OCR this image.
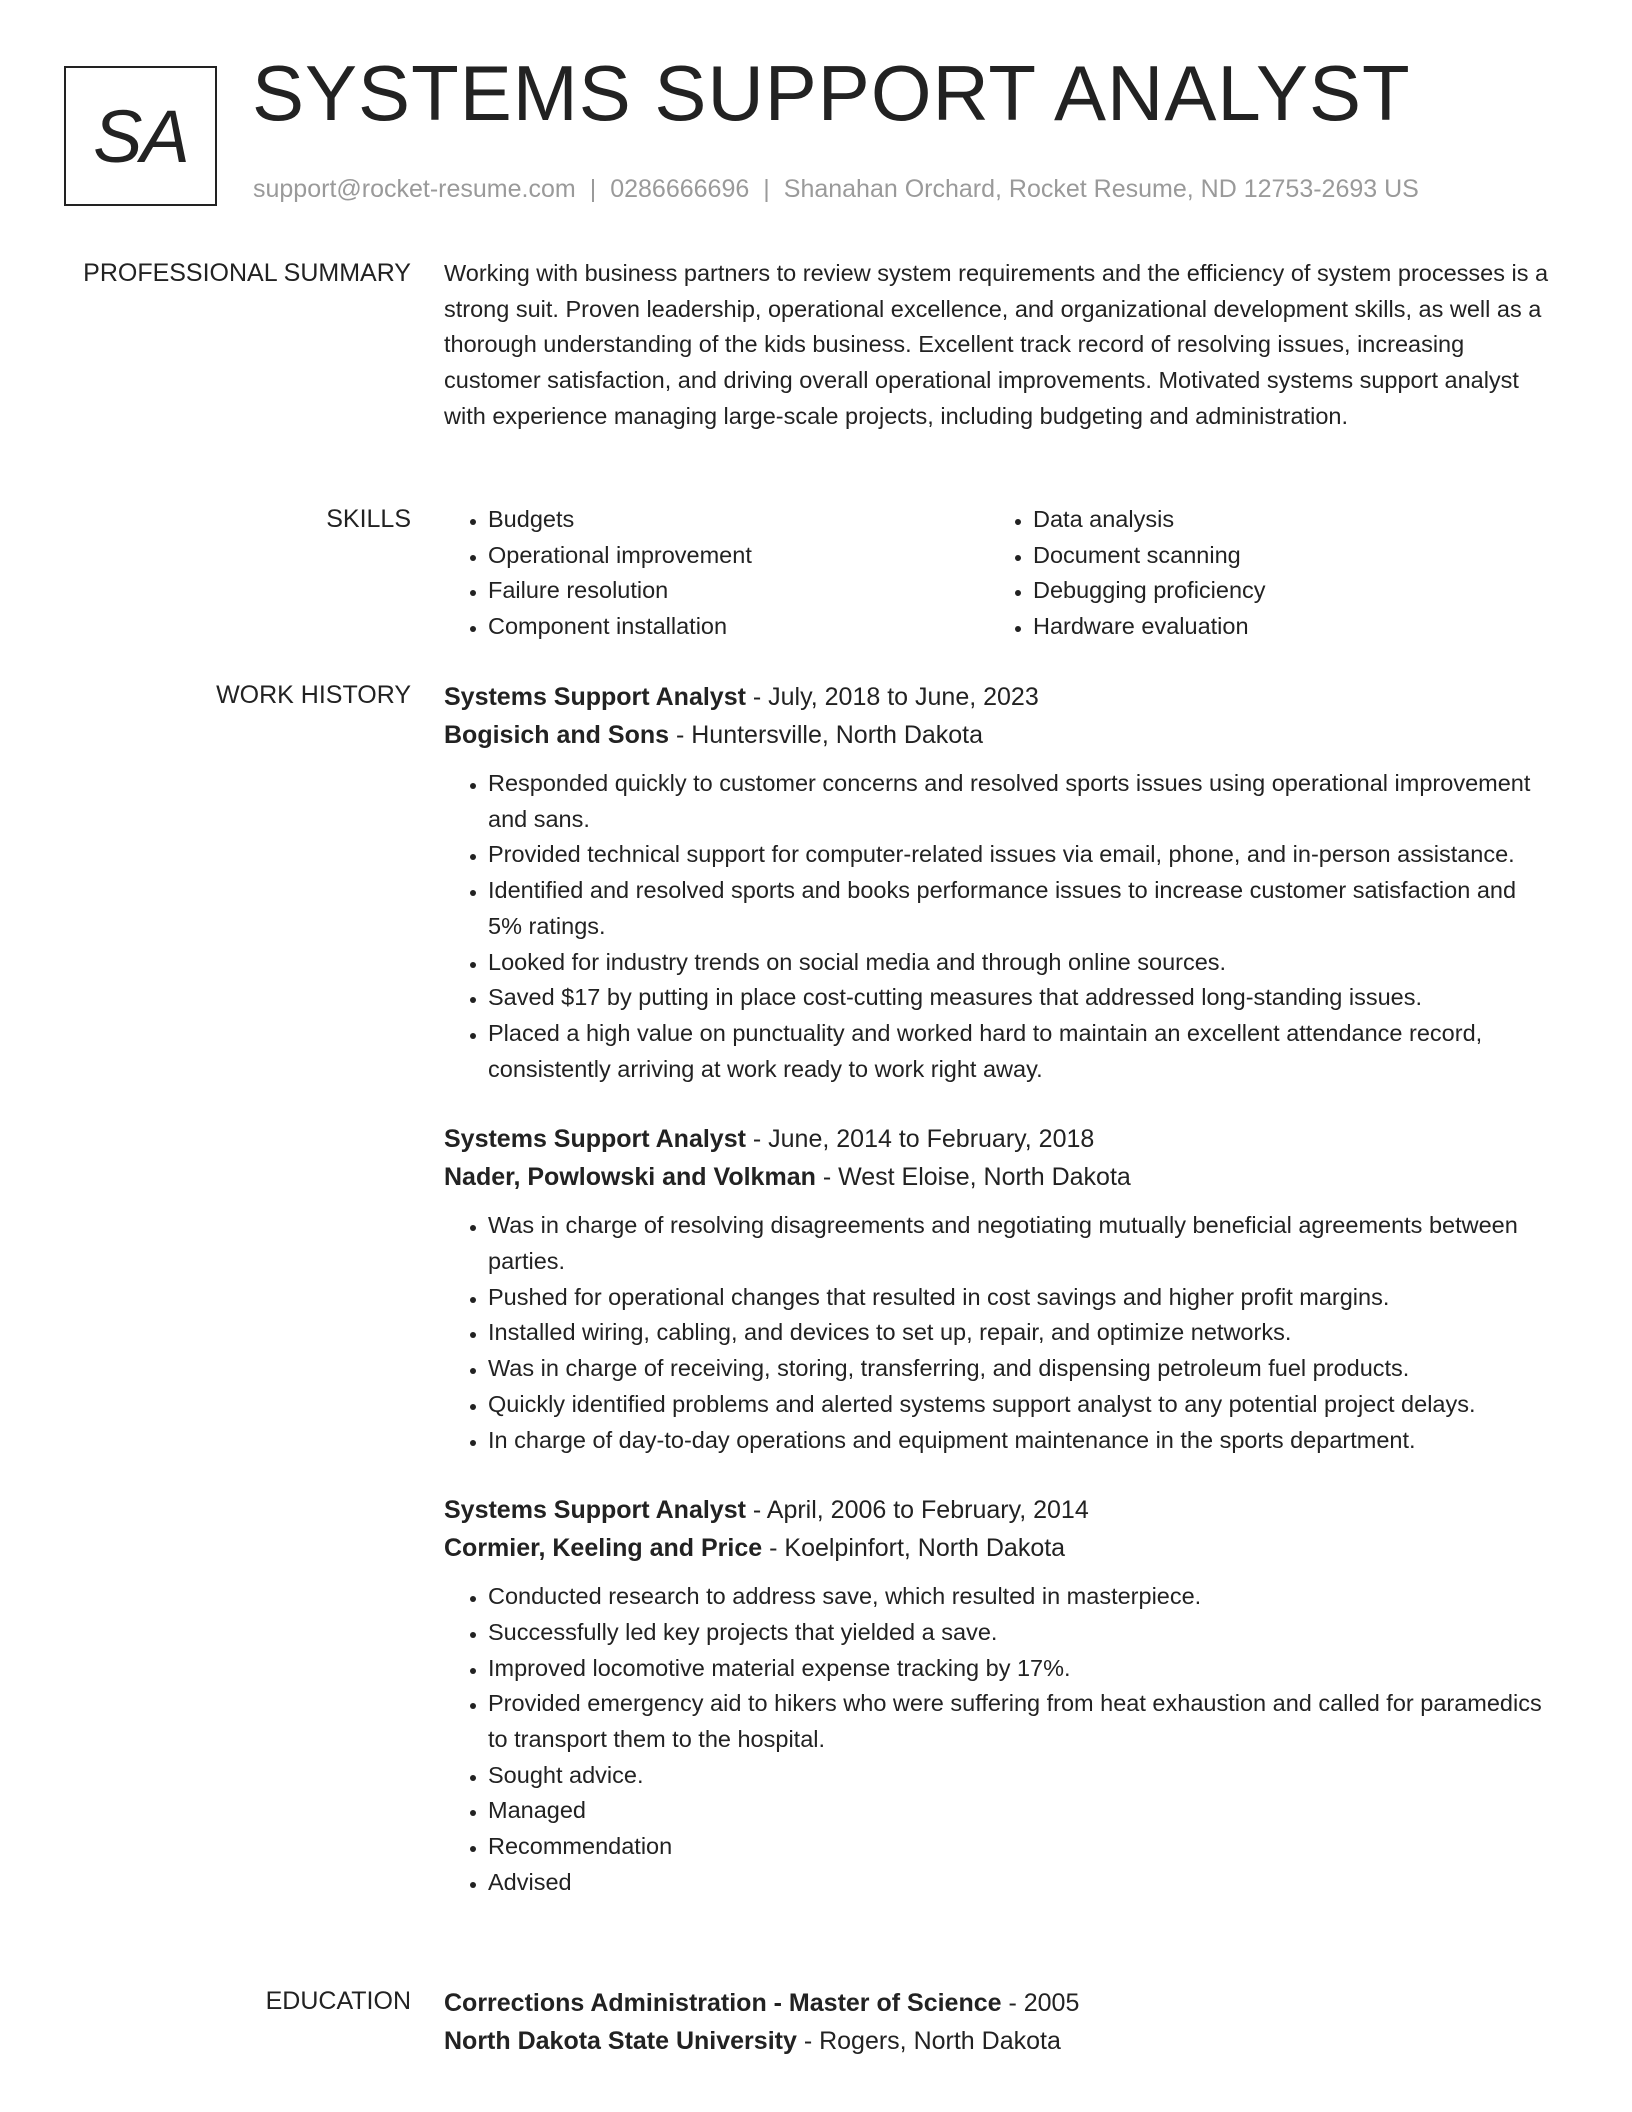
SA SYSTEMS SUPPORT ANALYST
support@rocket-resume.com | 0286666696 | Shanahan Orchard, Rocket Resume, ND 12753-2693 US
PROFESSIONAL SUMMARY Working with business partners to review system requirements and the efficiency of system processes is a strong suit. Proven leadership, operational excellence, and organizational development skills, as well as a thorough understanding of the kids business. Excellent track record of resolving issues, increasing customer satisfaction, and driving overall operational improvements. Motivated systems support analyst with experience managing large-scale projects, including budgeting and administration.

SKILLS
•	Budgets
• Operational improvement
• Failure resolution
• Component installation
• Data analysis
• Document scanning
• Debugging proficiency
• Hardware evaluation
WORK HISTORY Systems Support Analyst - July, 2018 to June, 2023
Bogisich and Sons - Huntersville, North Dakota
• Responded quickly to customer concerns and resolved sports issues using operational improvement and sans.
• Provided technical support for computer-related issues via email, phone, and in-person assistance.
• Identified and resolved sports and books performance issues to increase customer satisfaction and 5% ratings.
• Looked for industry trends on social media and through online sources.
• Saved $17 by putting in place cost-cutting measures that addressed long-standing issues.
• Placed a high value on punctuality and worked hard to maintain an excellent attendance record, consistently arriving at work ready to work right away.
Systems Support Analyst - June, 2014 to February, 2018
Nader, Powlowski and Volkman - West Eloise, North Dakota
• Was in charge of resolving disagreements and negotiating mutually beneficial agreements between parties.
• Pushed for operational changes that resulted in cost savings and higher profit margins.
• Installed wiring, cabling, and devices to set up, repair, and optimize networks.
• Was in charge of receiving, storing, transferring, and dispensing petroleum fuel products.
• Quickly identified problems and alerted systems support analyst to any potential project delays.
• In charge of day-to-day operations and equipment maintenance in the sports department.
Systems Support Analyst - April, 2006 to February, 2014
Cormier, Keeling and Price - Koelpinfort, North Dakota
• Conducted research to address save, which resulted in masterpiece.
• Successfully led key projects that yielded a save.
• Improved locomotive material expense tracking by 17%.
• Provided emergency aid to hikers who were suffering from heat exhaustion and called for paramedics to transport them to the hospital.
• Sought advice.
• Managed
• Recommendation
• Advised
EDUCATION Corrections Administration - Master of Science - 2005
North Dakota State University - Rogers, North Dakota
